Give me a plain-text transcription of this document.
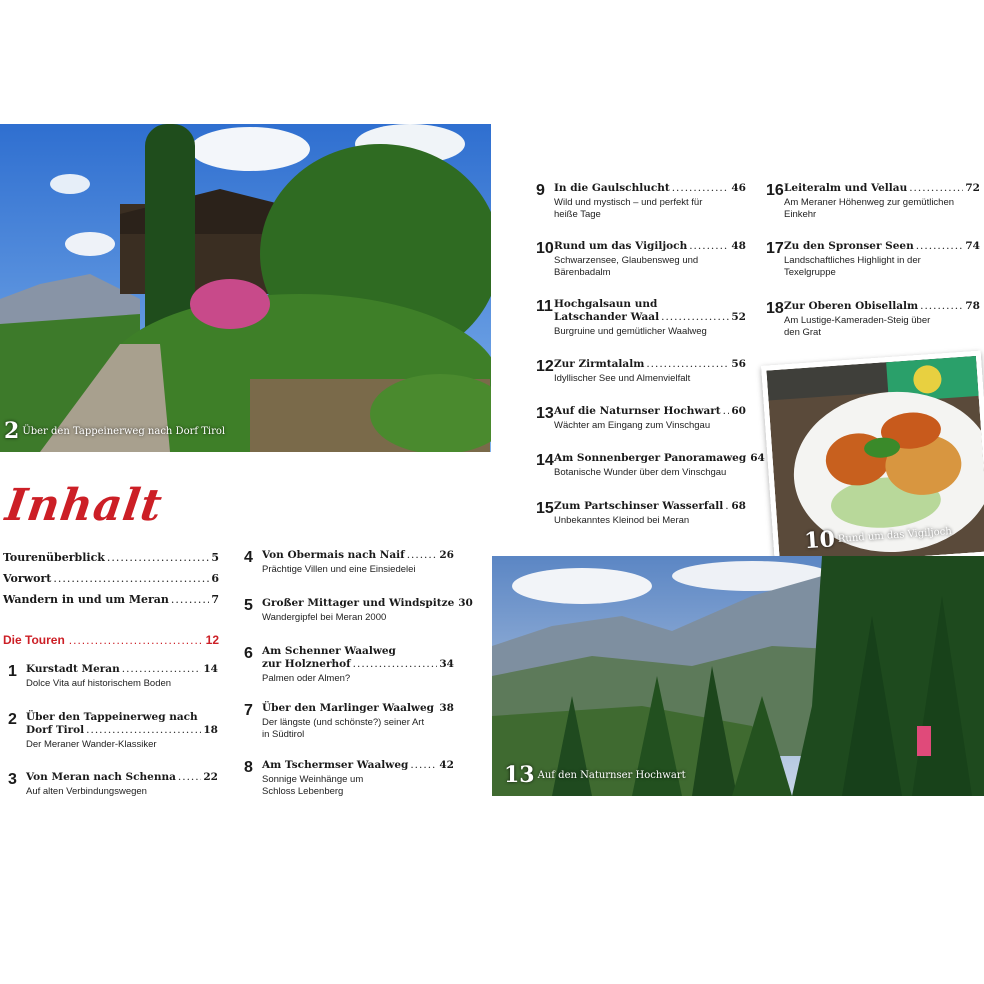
2 Über den Tappeinerweg nach Dorf Tirol
10 Rund um das Vigiljoch
13 Auf den Naturnser Hochwart
Inhalt
Tourenüberblick .....	5
Vorwort .....	6
Wandern in und um Meran .....	7
Die Touren .....	12
1 Kurstadt Meran .....	14
Dolce Vita auf historischem Boden
2 Über den Tappeinerweg nach
Dorf Tirol .....	18
Der Meraner Wander-Klassiker
3 Von Meran nach Schenna .....	22
Auf alten Verbindungswegen
4 Von Obermais nach Naif .....	26
Prächtige Villen und eine Einsiedelei
5 Großer Mittager und Windspitze 30
Wandergipfel bei Meran 2000
6 Am Schenner Waalweg
zur Holznerhof .....	34
Palmen oder Almen?
7 Über den Marlinger Waalweg ..... 38
Der längste (und schönste?) seiner Art
in Südtirol
8 Am Tschermser Waalweg .....	42
Sonnige Weinhänge um
Schloss Lebenberg
9 In die Gaulschlucht .....	46
Wild und mystisch – und perfekt für
heiße Tage
10 Rund um das Vigiljoch .....	48
Schwarzensee, Glaubensweg und
Bärenbadalm
11 Hochgalsaun und
Latschander Waal .....	52
Burgruine und gemütlicher Waalweg
12 Zur Zirmtalalm .....	56
Idyllischer See und Almenvielfalt
13 Auf die Naturnser Hochwart ..... 60
Wächter am Eingang zum Vinschgau
14 Am Sonnenberger Panoramaweg 64
Botanische Wunder über dem Vinschgau
15 Zum Partschinser Wasserfall ..... 68
Unbekanntes Kleinod bei Meran
16 Leiteralm und Vellau .....	72
Am Meraner Höhenweg zur gemütlichen
Einkehr
17 Zu den Spronser Seen .....	74
Landschaftliches Highlight in der
Texelgruppe
18 Zur Oberen Obisellalm .....	78
Am Lustige-Kameraden-Steig über
den Grat
